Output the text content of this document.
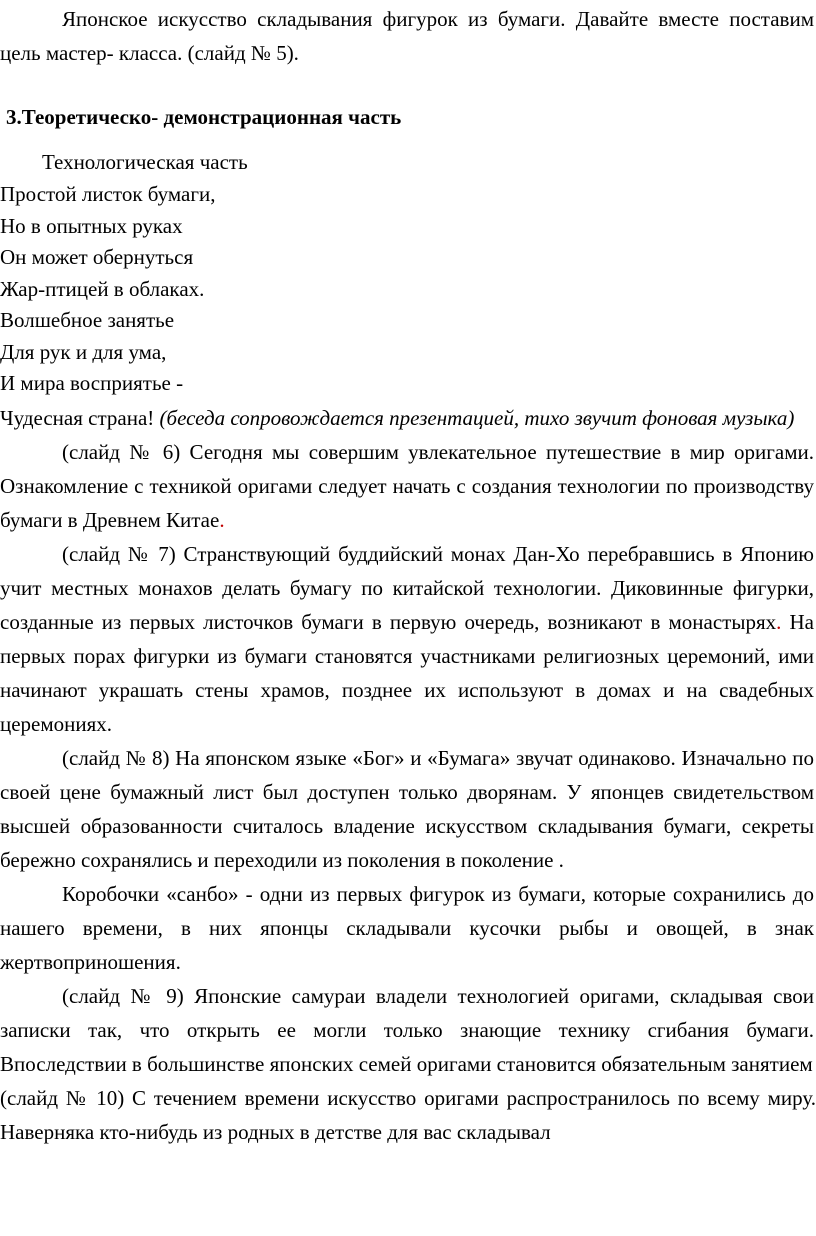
Японское искусство складывания фигурок из бумаги. Давайте вместе поставим цель мастер- класса. (слайд № 5).

3.Теоретическо- демонстрационная часть

Технологическая часть

Простой листок бумаги,
Но в опытных руках
Он может обернуться
Жар-птицей в облаках.
Волшебное занятье
Для рук и для ума,
И мира восприятье -

Чудесная страна! (беседа сопровождается презентацией, тихо звучит фоновая музыка)

(слайд № 6) Сегодня мы совершим увлекательное путешествие в мир оригами. Ознакомление с техникой оригами следует начать с создания технологии по производству бумаги в Древнем Китае.

(слайд № 7) Странствующий буддийский монах Дан-Хо перебравшись в Японию учит местных монахов делать бумагу по китайской технологии. Диковинные фигурки, созданные из первых листочков бумаги в первую очередь, возникают в монастырях. На первых порах фигурки из бумаги становятся участниками религиозных церемоний, ими начинают украшать стены храмов, позднее их используют в домах и на свадебных церемониях.

(слайд № 8) На японском языке «Бог» и «Бумага» звучат одинаково. Изначально по своей цене бумажный лист был доступен только дворянам. У японцев свидетельством высшей образованности считалось владение искусством складывания бумаги, секреты бережно сохранялись и переходили из поколения в поколение .

Коробочки «санбо» - одни из первых фигурок из бумаги, которые сохранились до нашего времени, в них японцы складывали кусочки рыбы и овощей, в знак жертвоприношения.

(слайд № 9) Японские самураи владели технологией оригами, складывая свои записки так, что открыть ее могли только знающие технику сгибания бумаги. Впоследствии в большинстве японских семей оригами становится обязательным занятием

(слайд № 10) С течением времени искусство оригами распространилось по всему миру. Наверняка кто-нибудь из родных в детстве для вас складывал
